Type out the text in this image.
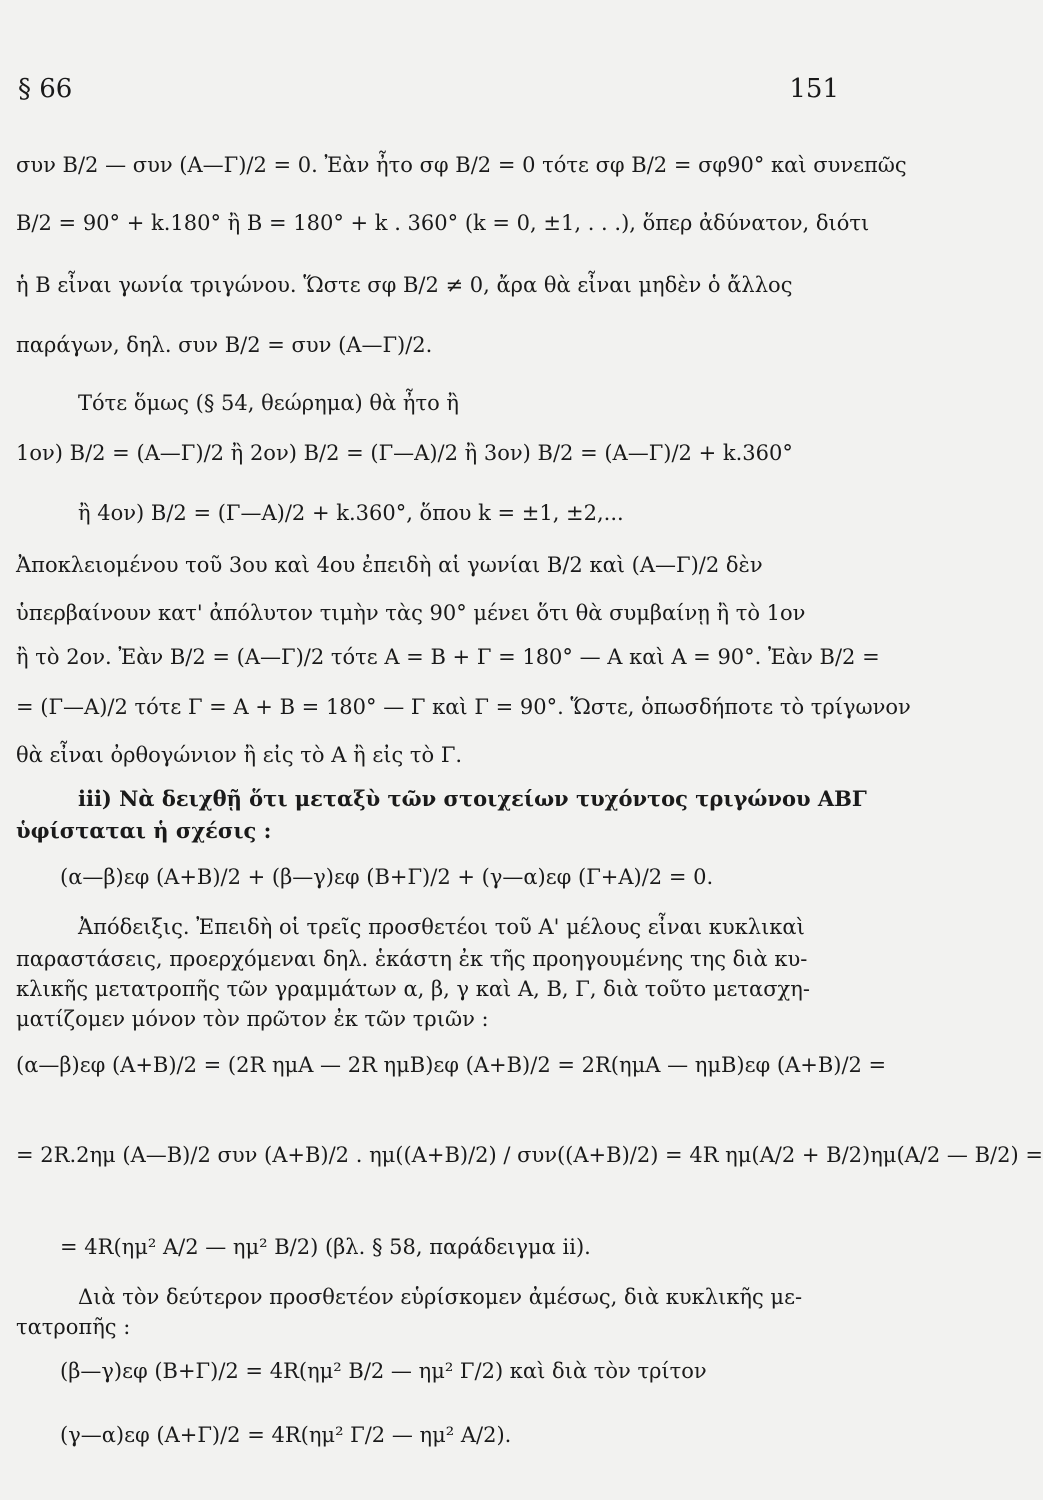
§ 66	151
συν B/2 — συν (Α—Γ)/2 = 0. Ἐὰν ἦτο σφ B/2 = 0 τότε σφ B/2 = σφ90° καὶ συνεπῶς
B/2 = 90° + k.180° ἢ B = 180° + k . 360° (k = 0, ±1, . . .), ὅπερ ἀδύνατον, διότι
ἡ B εἶναι γωνία τριγώνου. Ὥστε σφ B/2 ≠ 0, ἄρα θὰ εἶναι μηδὲν ὁ ἄλλος
παράγων, δηλ. συν B/2 = συν (Α—Γ)/2.
Τότε ὅμως (§ 54, θεώρημα) θὰ ἦτο ἢ
1ον) B/2 = (Α—Γ)/2 ἢ 2ον) B/2 = (Γ—Α)/2 ἢ 3ον) B/2 = (Α—Γ)/2 + k.360°
ἢ 4ον) B/2 = (Γ—Α)/2 + k.360°, ὅπου k = ±1, ±2,...
Ἀποκλειομένου τοῦ 3ου καὶ 4ου ἐπειδὴ αἱ γωνίαι B/2 καὶ (Α—Γ)/2 δὲν
ὑπερβαίνουν κατ' ἀπόλυτον τιμὴν τὰς 90° μένει ὅτι θὰ συμβαίνῃ ἢ τὸ 1ον
ἢ τὸ 2ον. Ἐὰν B/2 = (Α—Γ)/2 τότε Α = Β + Γ = 180° — Α καὶ Α = 90°. Ἐὰν B/2 =
= (Γ—Α)/2 τότε Γ = Α + Β = 180° — Γ καὶ Γ = 90°. Ὥστε, ὁπωσδήποτε τὸ τρίγωνον
θὰ εἶναι ὀρθογώνιον ἢ εἰς τὸ Α ἢ εἰς τὸ Γ.
iii) Νὰ δειχθῇ ὅτι μεταξὺ τῶν στοιχείων τυχόντος τριγώνου ΑΒΓ
ὑφίσταται ἡ σχέσις :
(α—β)εφ (Α+Β)/2 + (β—γ)εφ (Β+Γ)/2 + (γ—α)εφ (Γ+Α)/2 = 0.
Ἀπόδειξις. Ἐπειδὴ οἱ τρεῖς προσθετέοι τοῦ Α' μέλους εἶναι κυκλικαὶ
παραστάσεις, προερχόμεναι δηλ. ἑκάστη ἐκ τῆς προηγουμένης της διὰ κυ-
κλικῆς μετατροπῆς τῶν γραμμάτων α, β, γ καὶ Α, Β, Γ, διὰ τοῦτο μετασχη-
ματίζομεν μόνον τὸν πρῶτον ἐκ τῶν τριῶν :
(α—β)εφ (Α+Β)/2 = (2R ημΑ — 2R ημΒ)εφ (Α+Β)/2 = 2R(ημΑ — ημΒ)εφ (Α+Β)/2 =
= 2R.2ημ (Α—Β)/2 συν (Α+Β)/2 . ημ((Α+Β)/2) / συν((Α+Β)/2) = 4R ημ(Α/2 + Β/2)ημ(Α/2 — Β/2) =
= 4R(ημ² Α/2 — ημ² Β/2) (βλ. § 58, παράδειγμα ii).
Διὰ τὸν δεύτερον προσθετέον εὑρίσκομεν ἀμέσως, διὰ κυκλικῆς με-
τατροπῆς :
(β—γ)εφ (Β+Γ)/2 = 4R(ημ² Β/2 — ημ² Γ/2) καὶ διὰ τὸν τρίτον
(γ—α)εφ (Α+Γ)/2 = 4R(ημ² Γ/2 — ημ² Α/2).
